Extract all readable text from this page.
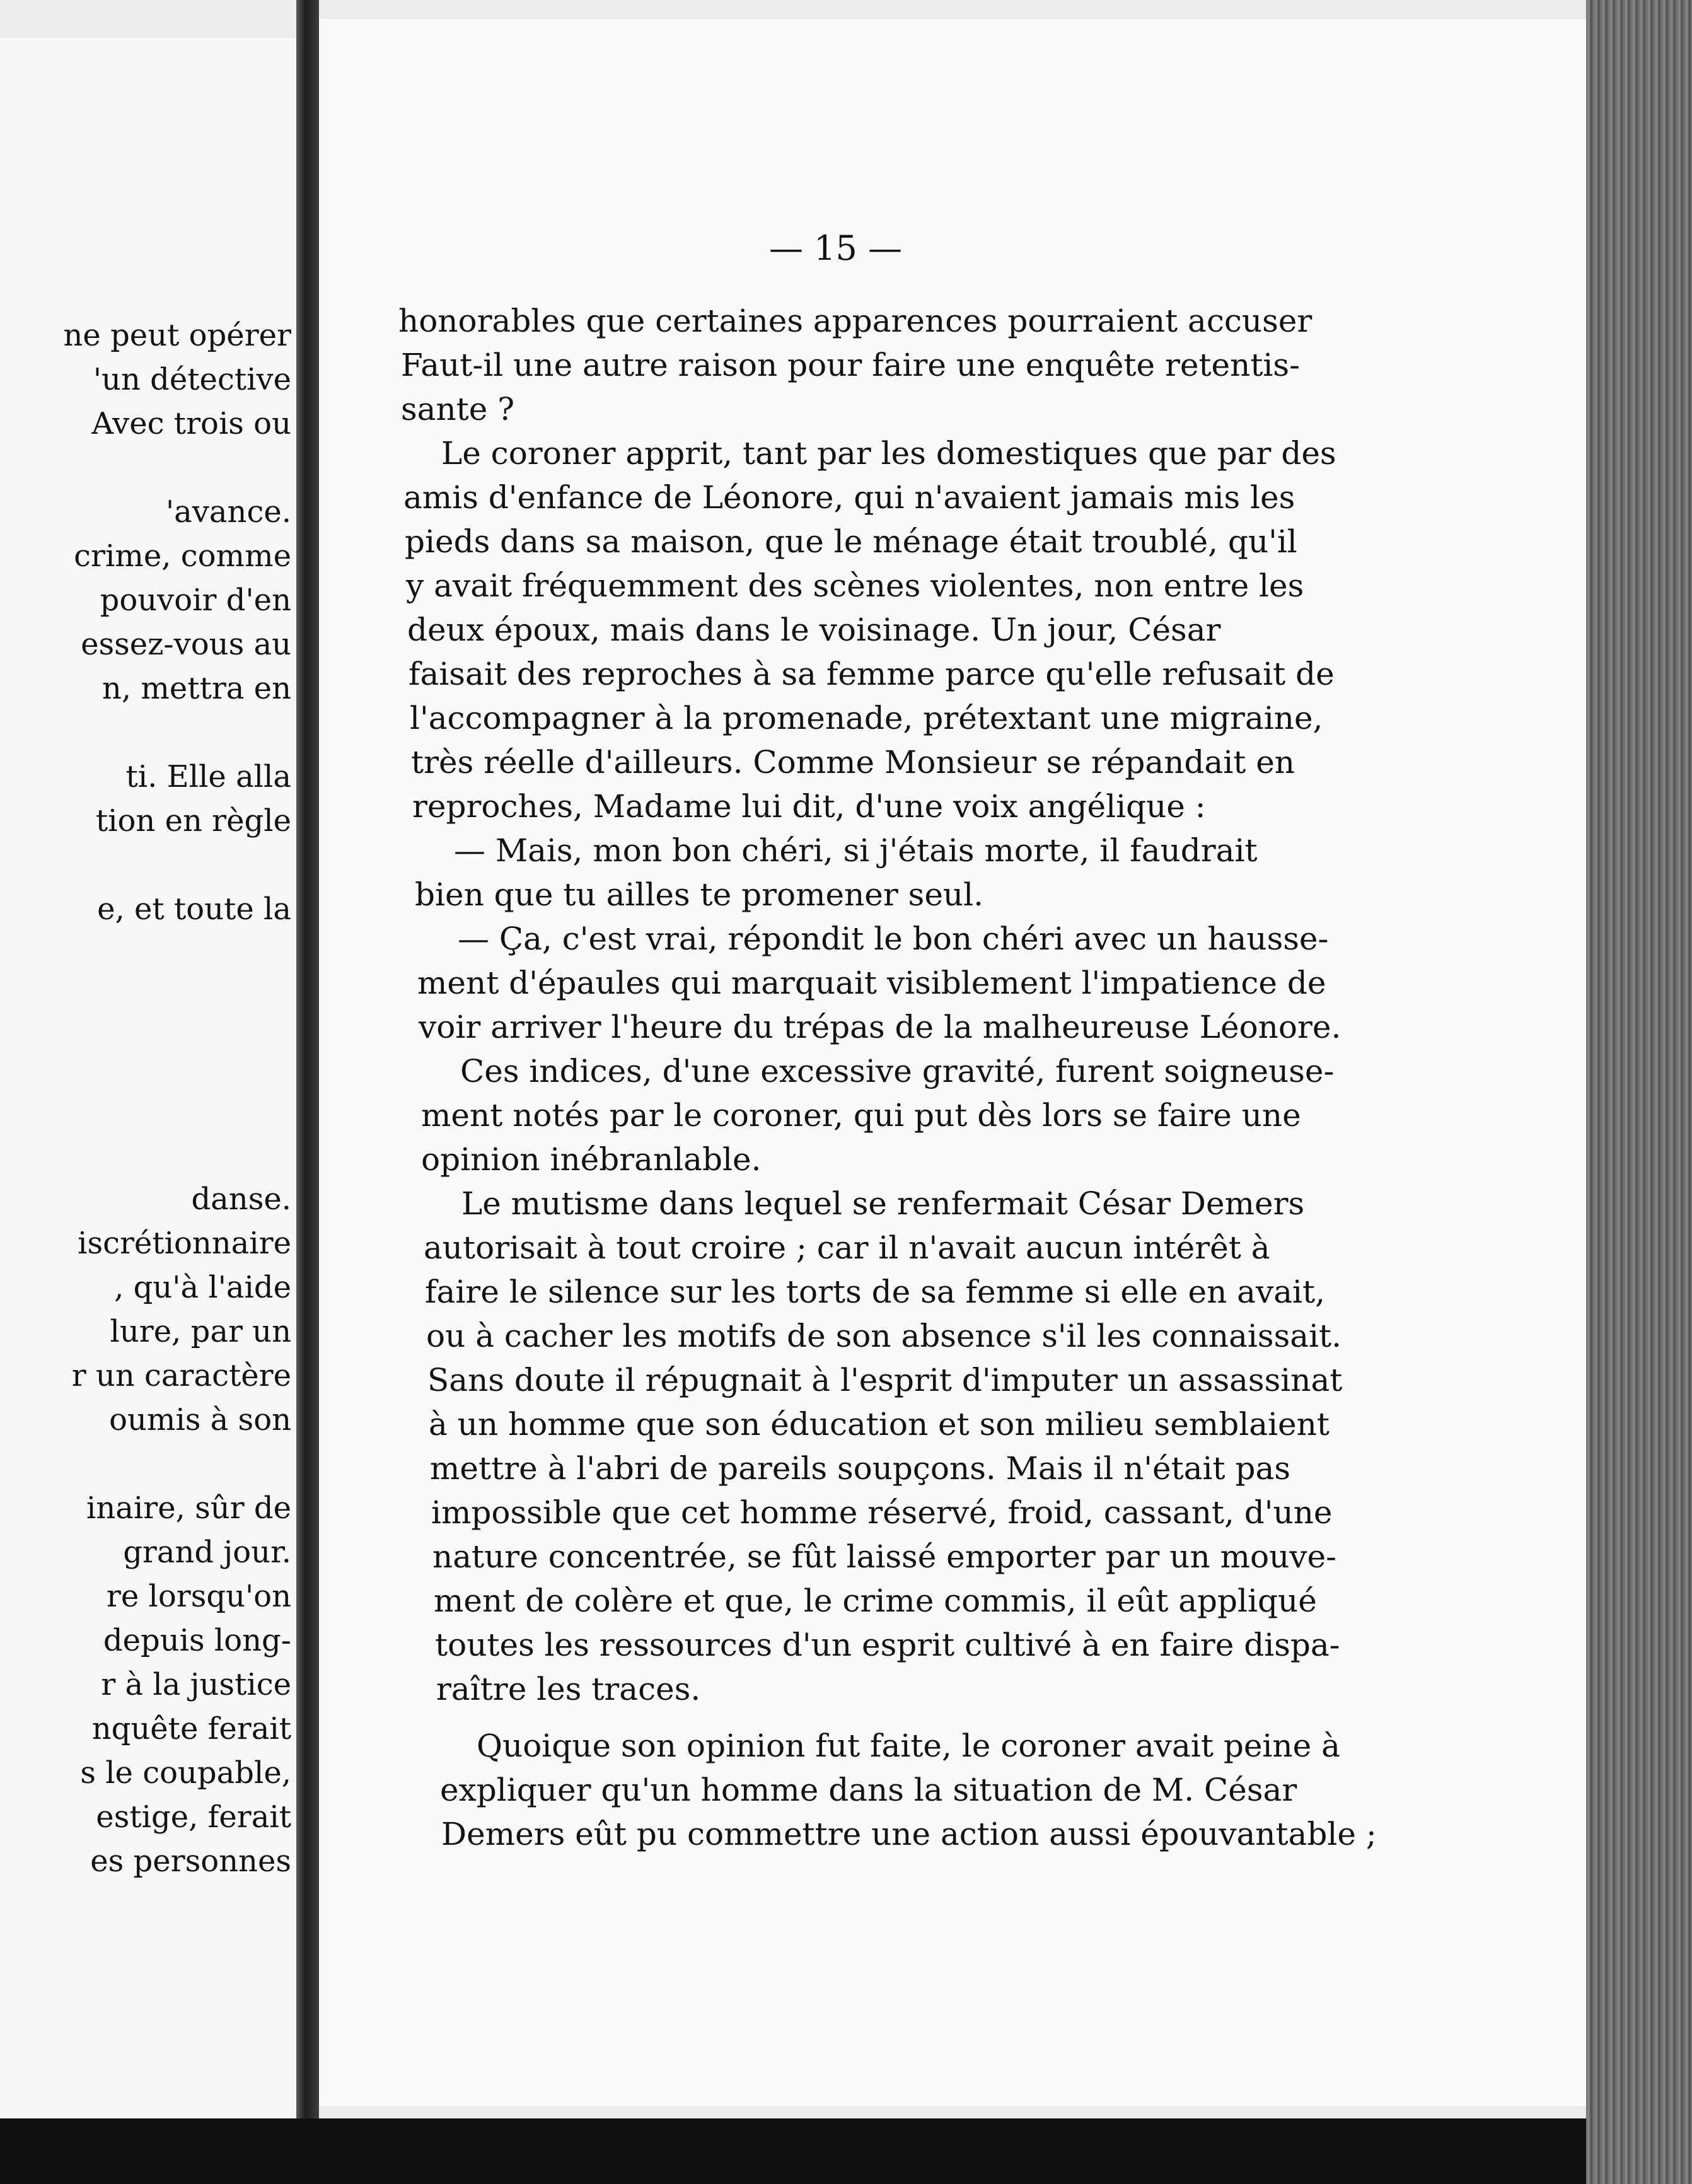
ne peut opérer
'un détective
Avec trois ou
'avance.
crime, comme
pouvoir d'en
essez-vous au
n, mettra en
ti. Elle alla
tion en règle
e, et toute la
danse.
iscrétionnaire
, qu'à l'aide
lure, par un
r un caractère
oumis à son
inaire, sûr de
grand jour.
re lorsqu'on
depuis long-
r à la justice
nquête ferait
s le coupable,
estige, ferait
es personnes
— 15 —
honorables que certaines apparences pourraient accuser
Faut-il une autre raison pour faire une enquête retentis-
sante ?
Le coroner apprit, tant par les domestiques que par des
amis d'enfance de Léonore, qui n'avaient jamais mis les
pieds dans sa maison, que le ménage était troublé, qu'il
y avait fréquemment des scènes violentes, non entre les
deux époux, mais dans le voisinage. Un jour, César
faisait des reproches à sa femme parce qu'elle refusait de
l'accompagner à la promenade, prétextant une migraine,
très réelle d'ailleurs. Comme Monsieur se répandait en
reproches, Madame lui dit, d'une voix angélique :
— Mais, mon bon chéri, si j'étais morte, il faudrait
bien que tu ailles te promener seul.
— Ça, c'est vrai, répondit le bon chéri avec un hausse-
ment d'épaules qui marquait visiblement l'impatience de
voir arriver l'heure du trépas de la malheureuse Léonore.
Ces indices, d'une excessive gravité, furent soigneuse-
ment notés par le coroner, qui put dès lors se faire une
opinion inébranlable.
Le mutisme dans lequel se renfermait César Demers
autorisait à tout croire ; car il n'avait aucun intérêt à
faire le silence sur les torts de sa femme si elle en avait,
ou à cacher les motifs de son absence s'il les connaissait.
Sans doute il répugnait à l'esprit d'imputer un assassinat
à un homme que son éducation et son milieu semblaient
mettre à l'abri de pareils soupçons. Mais il n'était pas
impossible que cet homme réservé, froid, cassant, d'une
nature concentrée, se fût laissé emporter par un mouve-
ment de colère et que, le crime commis, il eût appliqué
toutes les ressources d'un esprit cultivé à en faire dispa-
raître les traces.
Quoique son opinion fut faite, le coroner avait peine à
expliquer qu'un homme dans la situation de M. César
Demers eût pu commettre une action aussi épouvantable ;
